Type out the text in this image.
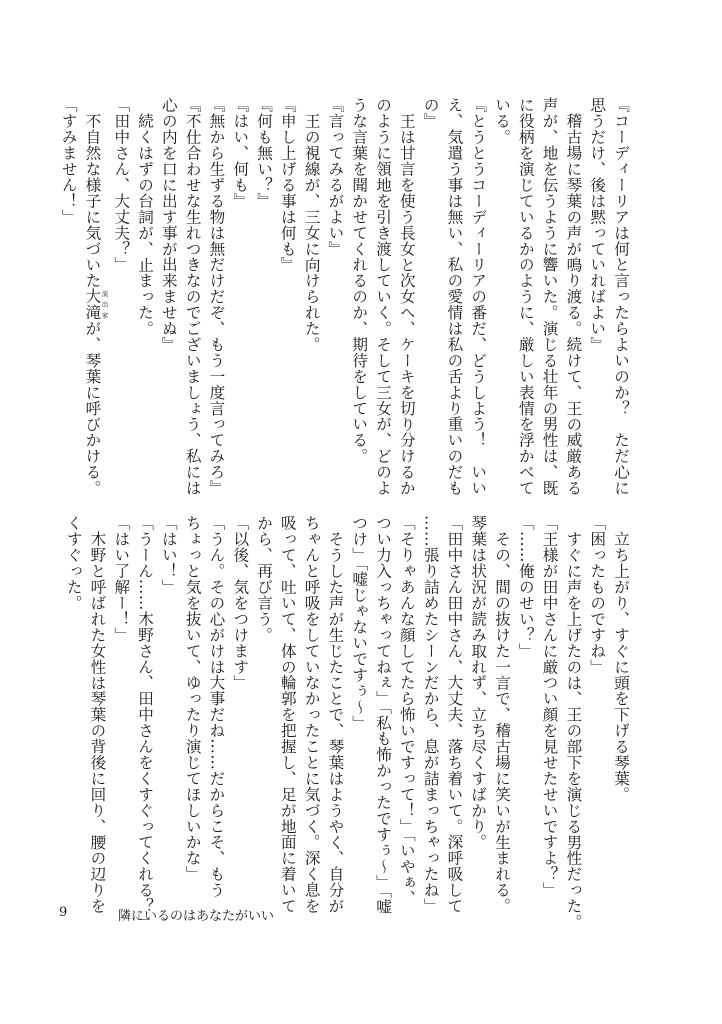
『コーディーリアは何と言ったらよいのか？　ただ心に
思うだけ、後は黙っていればよい』
稽古場に琴葉の声が鳴り渡る。続けて、王の威厳ある
声が、地を伝うように響いた。演じる壮年の男性は、既
に役柄を演じているかのように、厳しい表情を浮かべて
いる。
『とうとうコーディーリアの番だ、どうしよう！　いい
え、気遣う事は無い、私の愛情は私の舌より重いのだも
の』
王は甘言を使う長女と次女へ、ケーキを切り分けるか
のように領地を引き渡していく。そして三女が、どのよ
うな言葉を聞かせてくれるのか、期待をしている。
『言ってみるがよい』
王の視線が、三女に向けられた。
『申し上げる事は何も』
『何も無い？』
『はい、何も』
『無から生ずる物は無だけだぞ、もう一度言ってみろ』
『不仕合わせな生れつきなのでございましょう、私には
心の内を口に出す事が出来ませぬ』
続くはずの台詞が、止まった。
「田中さん、大丈夫？」
不自然な様子に気づいた大滝 演出家が、琴葉に呼びかける。
「すみません！」
立ち上がり、すぐに頭を下げる琴葉。
「困ったものですね」
すぐに声を上げたのは、王の部下を演じる男性だった。
「王様が田中さんに厳つい顔を見せたせいですよ？」
「……俺のせい？」
その、間の抜けた一言で、稽古場に笑いが生まれる。
琴葉は状況が読み取れず、立ち尽くすばかり。
「田中さん田中さん、大丈夫、落ち着いて。深呼吸して
……張り詰めたシーンだから、息が詰まっちゃったね」
「そりゃあんな顔してたら怖いですって！」「いやぁ、
つい力入っちゃってねぇ」「私も怖かったですぅ～」「嘘
つけ」「嘘じゃないですぅ～」
そうした声が生じたことで、琴葉はようやく、自分が
ちゃんと呼吸をしていなかったことに気づく。深く息を
吸って、吐いて、体の輪郭を把握し、足が地面に着いて
から、再び言う。
「以後、気をつけます」
「うん。その心がけは大事だね……だからこそ、もう
ちょっと気を抜いて、ゆったり演じてほしいかな」
「はい！」
「うーん……木野さん、田中さんをくすぐってくれる？」
「はい了解ー！」
木野と呼ばれた女性は琴葉の背後に回り、腰の辺りを
くすぐった。
9	隣にいるのはあなたがいい
